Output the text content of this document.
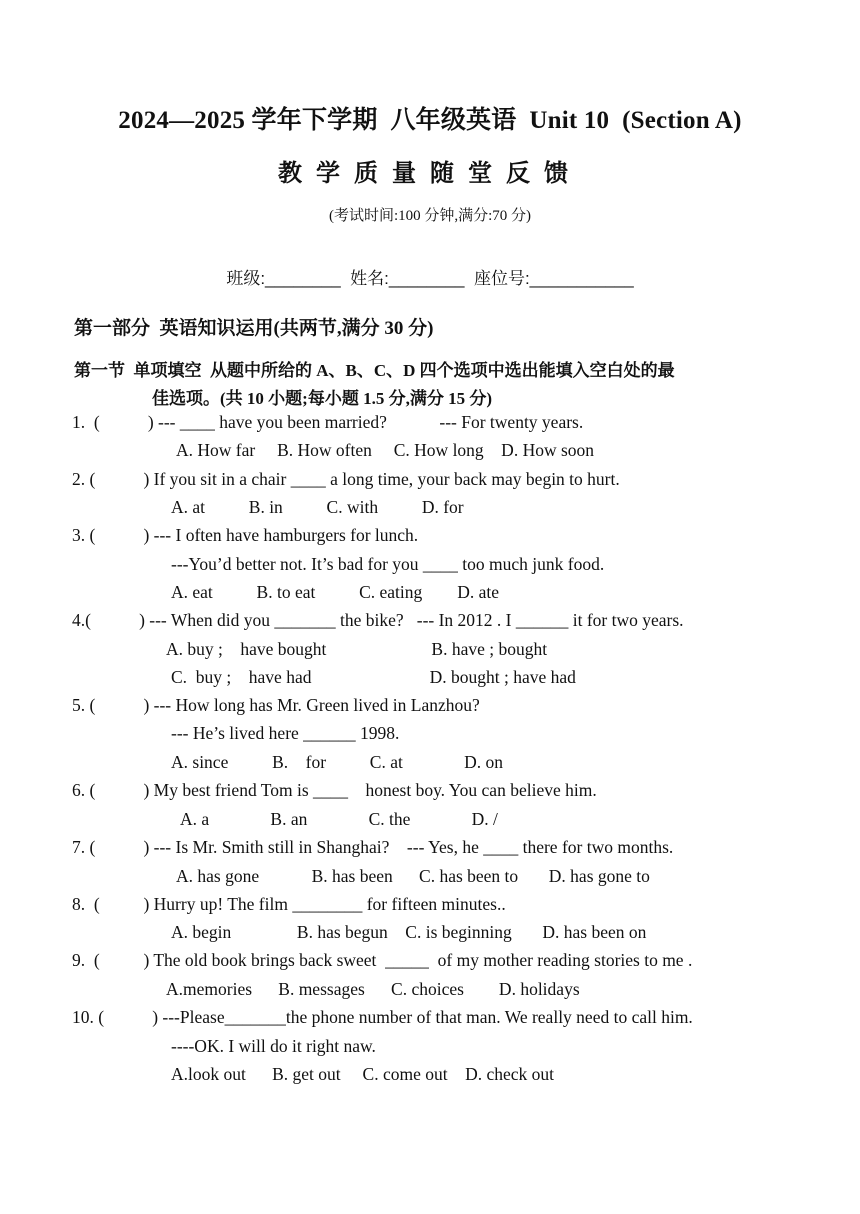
2024—2025 学年下学期  八年级英语  Unit 10  (Section A)
教学质量随堂反馈
(考试时间:100 分钟,满分:70 分)
班级:________  姓名:________  座位号:___________
第一部分  英语知识运用(共两节,满分 30 分)
第一节  单项填空  从题中所给的 A、B、C、D 四个选项中选出能填入空白处的最
佳选项。(共 10 小题;每小题 1.5 分,满分 15 分)
1.  (           ) --- ____ have you been married?            --- For twenty years.
A. How far     B. How often     C. How long    D. How soon
2. (           ) If you sit in a chair ____ a long time, your back may begin to hurt.
A. at          B. in          C. with          D. for
3. (           ) --- I often have hamburgers for lunch.
---You’d better not. It’s bad for you ____ too much junk food.
A. eat          B. to eat          C. eating        D. ate
4.(           ) --- When did you _______ the bike?   --- In 2012 . I ______ it for two years.
A. buy ;    have bought                        B. have ; bought
C.  buy ;    have had                           D. bought ; have had
5. (           ) --- How long has Mr. Green lived in Lanzhou?
--- He’s lived here ______ 1998.
A. since          B.    for          C. at              D. on
6. (           ) My best friend Tom is ____    honest boy. You can believe him.
A. a              B. an              C. the              D. /
7. (           ) --- Is Mr. Smith still in Shanghai?    --- Yes, he ____ there for two months.
A. has gone            B. has been      C. has been to       D. has gone to
8.  (          ) Hurry up! The film ________ for fifteen minutes..
A. begin               B. has begun    C. is beginning       D. has been on
9.  (          ) The old book brings back sweet  _____  of my mother reading stories to me .
A.memories      B. messages      C. choices        D. holidays
10. (           ) ---Please_______the phone number of that man. We really need to call him.
----OK. I will do it right naw.
A.look out      B. get out     C. come out    D. check out
